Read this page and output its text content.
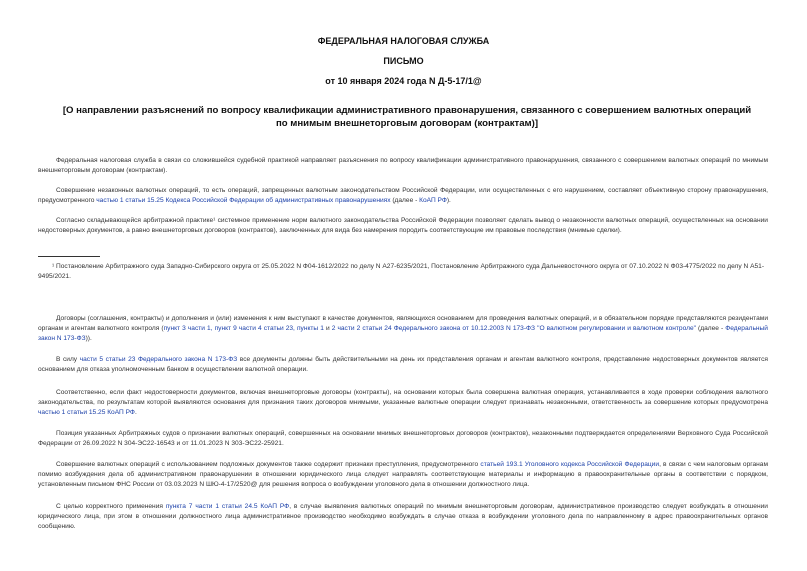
ФЕДЕРАЛЬНАЯ НАЛОГОВАЯ СЛУЖБА
ПИСЬМО
от 10 января 2024 года N Д-5-17/1@
[О направлении разъяснений по вопросу квалификации административного правонарушения, связанного с совершением валютных операций по мнимым внешнеторговым договорам (контрактам)]

Федеральная налоговая служба в связи со сложившейся судебной практикой направляет разъяснения по вопросу квалификации административного правонарушения, связанного с совершением валютных операций по мнимым внешнеторговым договорам (контрактам).

Совершение незаконных валютных операций, то есть операций, запрещенных валютным законодательством Российской Федерации, или осуществленных с его нарушением, составляет объективную сторону правонарушения, предусмотренного частью 1 статьи 15.25 Кодекса Российской Федерации об административных правонарушениях (далее - КоАП РФ).

Согласно складывающейся арбитражной практике¹ системное применение норм валютного законодательства Российской Федерации позволяет сделать вывод о незаконности валютных операций, осуществленных на основании недостоверных документов, а равно внешнеторговых договоров (контрактов), заключенных для вида без намерения породить соответствующие им правовые последствия (мнимые сделки).

¹ Постановление Арбитражного суда Западно-Сибирского округа от 25.05.2022 N Ф04-1612/2022 по делу N А27-6235/2021, Постановление Арбитражного суда Дальневосточного округа от 07.10.2022 N Ф03-4775/2022 по делу N А51-9495/2021.

Договоры (соглашения, контракты) и дополнения и (или) изменения к ним выступают в качестве документов, являющихся основанием для проведения валютных операций, и в обязательном порядке представляются резидентами органам и агентам валютного контроля (пункт 3 части 1, пункт 9 части 4 статьи 23, пункты 1 и 2 части 2 статьи 24 Федерального закона от 10.12.2003 N 173-ФЗ "О валютном регулировании и валютном контроле" (далее - Федеральный закон N 173-ФЗ)).

В силу части 5 статьи 23 Федерального закона N 173-ФЗ все документы должны быть действительными на день их представления органам и агентам валютного контроля, представление недостоверных документов является основанием для отказа уполномоченным банком в осуществлении валютной операции.

Соответственно, если факт недостоверности документов, включая внешнеторговые договоры (контракты), на основании которых была совершена валютная операция, устанавливается в ходе проверки соблюдения валютного законодательства, по результатам которой выявляются основания для признания таких договоров мнимыми, указанные валютные операции следует признавать незаконными, ответственность за совершение которых предусмотрена частью 1 статьи 15.25 КоАП РФ.

Позиция указанных Арбитражных судов о признании валютных операций, совершенных на основании мнимых внешнеторговых договоров (контрактов), незаконными подтверждается определениями Верховного Суда Российской Федерации от 26.09.2022 N 304-ЭС22-16543 и от 11.01.2023 N 303-ЭС22-25921.

Совершение валютных операций с использованием подложных документов также содержит признаки преступления, предусмотренного статьей 193.1 Уголовного кодекса Российской Федерации, в связи с чем налоговым органам помимо возбуждения дела об административном правонарушении в отношении юридического лица следует направлять соответствующие материалы и информацию в правоохранительные органы в соответствии с порядком, установленным письмом ФНС России от 03.03.2023 N ШЮ-4-17/2520@ для решения вопроса о возбуждении уголовного дела в отношении должностного лица.

С целью корректного применения пункта 7 части 1 статьи 24.5 КоАП РФ, в случае выявления валютных операций по мнимым внешнеторговым договорам, административное производство следует возбуждать в отношении юридического лица, при этом в отношении должностного лица административное производство необходимо возбуждать в случае отказа в возбуждении уголовного дела по направленному в адрес правоохранительных органов сообщению.
